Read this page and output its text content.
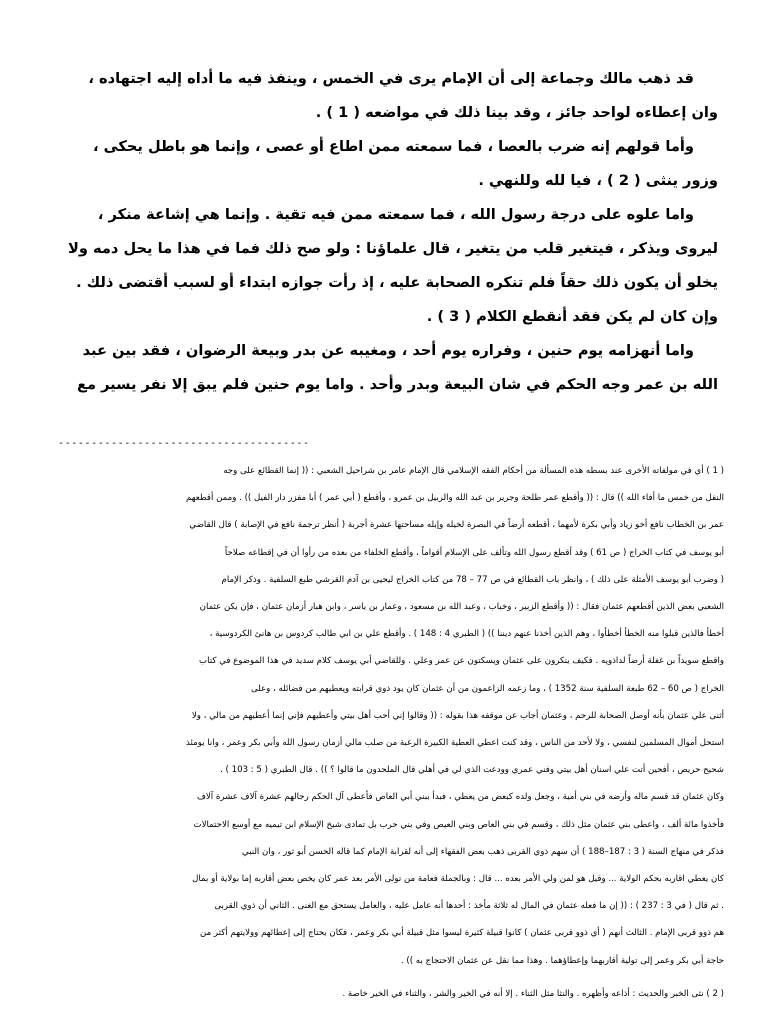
قد ذهب مالك وجماعة إلى أن الإمام يرى في الخمس ، وينفذ فيه ما أداه إليه اجتهاده ،

وان إعطاءه لواحد جائز ، وقد بينا ذلك في مواضعه ( 1 ) .

وأما قولهم إنه ضرب بالعصا ، فما سمعته ممن اطاع أو عصى ، وإنما هو باطل يحكى ،

وزور ينثى ( 2 ) ، فيا لله وللنهي .

واما علوه على درجة رسول الله ، فما سمعته ممن فيه تقية . وإنما هي إشاعة منكر ،

ليروى ويذكر ، فيتغير قلب من يتغير ، قال علماؤنا : ولو صح ذلك فما في هذا ما يحل دمه ولا
يخلو أن يكون ذلك حقاً فلم تنكره الصحابة عليه ، إذ رأت جوازه ابتداء أو لسبب أقتضى ذلك .
وإن كان لم يكن فقد أنقطع الكلام ( 3 ) .

واما أنهزامه يوم حنين ، وفراره يوم أحد ، ومغيبه عن بدر وبيعة الرضوان ، فقد بين عبد

الله بن عمر وجه الحكم في شان البيعة وبدر وأحد . واما يوم حنين فلم يبق إلا نفر يسير مع
--------------------------------------
( 1 ) أي في مولفاته الأخرى عند بسطه هذه المسألة من أحكام الفقه الإسلامي قال الإمام عامر بن شراحيل الشعبي : (( إنما القطائع على وجه
النفل من خمس ما أفاء الله )) قال : (( وأقطع عمر طلحة وجرير بن عبد الله والربيل بن عمرو ، وأقطع ( أبي عمر ) أبا مفزر دار الفيل )) . وممن أقطعهم
عمر بن الخطاب نافع أخو زياد وأبي بكرة لأمهما ، أقطعه أرضاً في البصرة لخيله وإبله مساحتها عشرة أجربة ( أنظر ترجمة نافع في الإصابة ) قال القاضي
أبو يوسف في كتاب الخراج ( ص 61 ) وقد أقطع رسول الله وتألف على الإسلام أقواماً ، وأقطع الخلفاء من بعده من رأوا أن في إقطاعه صلاحاً
( وضرب أبو يوسف الأمثلة على ذلك ) ، وانظر باب القطائع في ص 77 – 78 من كتاب الخراج ليحيى بن آدم القرشي طبع السلفية . وذكر الإمام
الشعبي بعض الذين أقطعهم عثمان فقال : (( وأقطع الزبير ، وخباب ، وعبد الله بن مسعود ، وعمار بن ياسر ، وابن هبار أزمان عثمان ، فإن يكن عثمان
أخطأ فالذين قبلوا منه الخطأ أخطأوا ، وهم الذين أخذنا عنهم ديننا )) ( الطبري 4 : 148 ) . وأقطع علي بن ابي طالب كردوس بن هانئ الكردوسية ،
واقطع سويداً بن غفلة أرضاً لداذويه . فكيف ينكرون على عثمان ويسكتون عن عمر وعلي . وللقاضي أبي يوسف كلام سديد في هذا الموضوع في كتاب
الخراج ( ص 60 – 62 طبعة السلفية سنة 1352 ) ، وما زعمه الزاعمون من أن عثمان كان يود ذوي قرابته ويعطيهم من فضائله ، وعلى
أثنى علي عثمان بأنه أوصل الصحابة للرحم ، وعثمان أجاب عن موقفه هذا بقوله : (( وقالوا إني أحب أهل بيتي وأعطيهم فإني إنما أعطيهم من مالي ، ولا
استحل أموال المسلمين لنفسي ، ولا لأحد من الناس ، وقد كنت اعطي العطية الكبيرة الرغبة من صلب مالي أزمان رسول الله وأبي بكر وعمر ، وانا يومئذ
شحيح حريص ، أفحين أتت علي اسنان أهل بيتي وفني عمري وودعت الذي لي في أهلي قال الملحدون ما قالوا ؟ )) . قال الطبري ( 5 : 103 ) .
وكان عثمان قد قسم ماله وأرضه في بني أمية ، وجعل ولده كبعض من يعطي ، فبدأ ببني أبي العاص فأعطى آل الحكم رجالهم عشرة آلاف عشرة آلاف
فأخذوا مائة ألف ، واعطى بني عثمان مثل ذلك ، وقسم في بني العاص وبني العيص وفي بني حرب بل تمادى شيخ الإسلام ابن تيميه مع أوسع الاحتمالات
فذكر في منهاج السنة ( 3 : 187–188 ) أن سهم ذوي القربى ذهب بعض الفقهاء إلى أنه لقرابة الإمام كما قاله الحسن أبو ثور ، وان النبي
كان يعطي اقاربه بحكم الولاية ... وقيل هو لمن ولي الأمر بعده ... قال : وبالجملة فعامة من تولى الأمر بعد عمر كان يخص بعض أقاربه إما بولاية أو بمال
. ثم قال ( في 3 : 237 ) : (( إن ما فعله عثمان في المال له ثلاثة مأخذ : أحدها أنه عامل عليه ، والعامل يستحق مع الغنى . الثاني أن ذوي القربى
هم ذوو قربى الإمام . الثالث أنهم ( أي ذوو قربى عثمان ) كانوا قبيلة كثيرة ليسوا مثل قبيلة أبي بكر وعمر ، فكان يحتاج إلى إعطائهم وولايتهم أكثر من
حاجة أبي بكر وعمر إلى تولية أقاربهما وإعطاؤهما . وهذا مما نقل عن عثمان الاحتجاج به )) .
( 2 ) نثى الخبر والحديث : أذاعه وأظهره . والنثا مثل الثناء . إلا أنه في الخير والشر ، والثناء في الخير خاصة .
